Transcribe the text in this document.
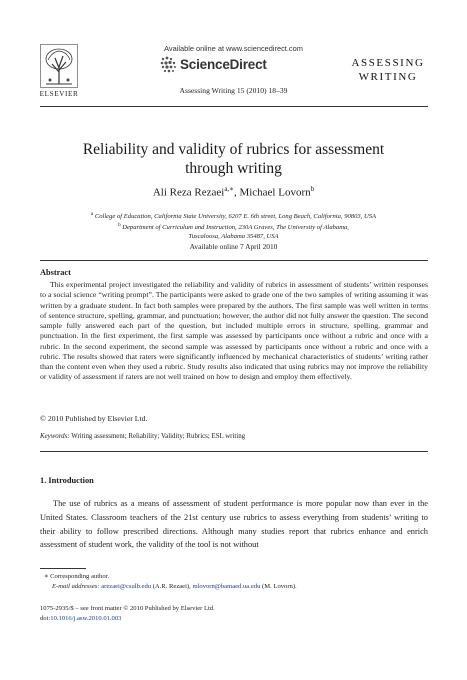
Available online at www.sciencedirect.com
ScienceDirect
Assessing Writing 15 (2010) 18–39
ELSEVIER
ASSESSING
WRITING
Reliability and validity of rubrics for assessment
through writing
Ali Reza Rezaei$^{a,∗}$, Michael Lovorn$^b$
$^a$ College of Education, California State University, 6207 E. 6th street, Long Beach, California, 90803, USA
$^b$ Department of Curriculum and Instruction, 230A Graves, The University of Alabama,
Tuscaloosa, Alabama 35487, USA
Available online 7 April 2010
Abstract

This experimental project investigated the reliability and validity of rubrics in assessment of students’ written responses to a social science “writing prompt”. The participants were asked to grade one of the two samples of writing assuming it was written by a graduate student. In fact both samples were prepared by the authors. The first sample was well written in terms of sentence structure, spelling, grammar, and punctuation; however, the author did not fully answer the question. The second sample fully answered each part of the question, but included multiple errors in structure, spelling, grammar and punctuation. In the first experiment, the first sample was assessed by participants once without a rubric and once with a rubric. In the second experiment, the second sample was assessed by participants once without a rubric and once with a rubric. The results showed that raters were significantly influenced by mechanical characteristics of students’ writing rather than the content even when they used a rubric. Study results also indicated that using rubrics may not improve the reliability or validity of assessment if raters are not well trained on how to design and employ them effectively.

© 2010 Published by Elsevier Ltd.
Keywords: Writing assessment; Reliability; Validity; Rubrics; ESL writing
1. Introduction

The use of rubrics as a means of assessment of student performance is more popular now than ever in the United States. Classroom teachers of the 21st century use rubrics to assess everything from students’ writing to their ability to follow prescribed directions. Although many studies report that rubrics enhance and enrich assessment of student work, the validity of the tool is not without

∗ Corresponding author.
E-mail addresses: arezaei@csulb.edu (A.R. Rezaei), mlovorn@bamaed.ua.edu (M. Lovorn).
1075-2935/$ – see front matter © 2010 Published by Elsevier Ltd.
doi:10.1016/j.asw.2010.01.003
